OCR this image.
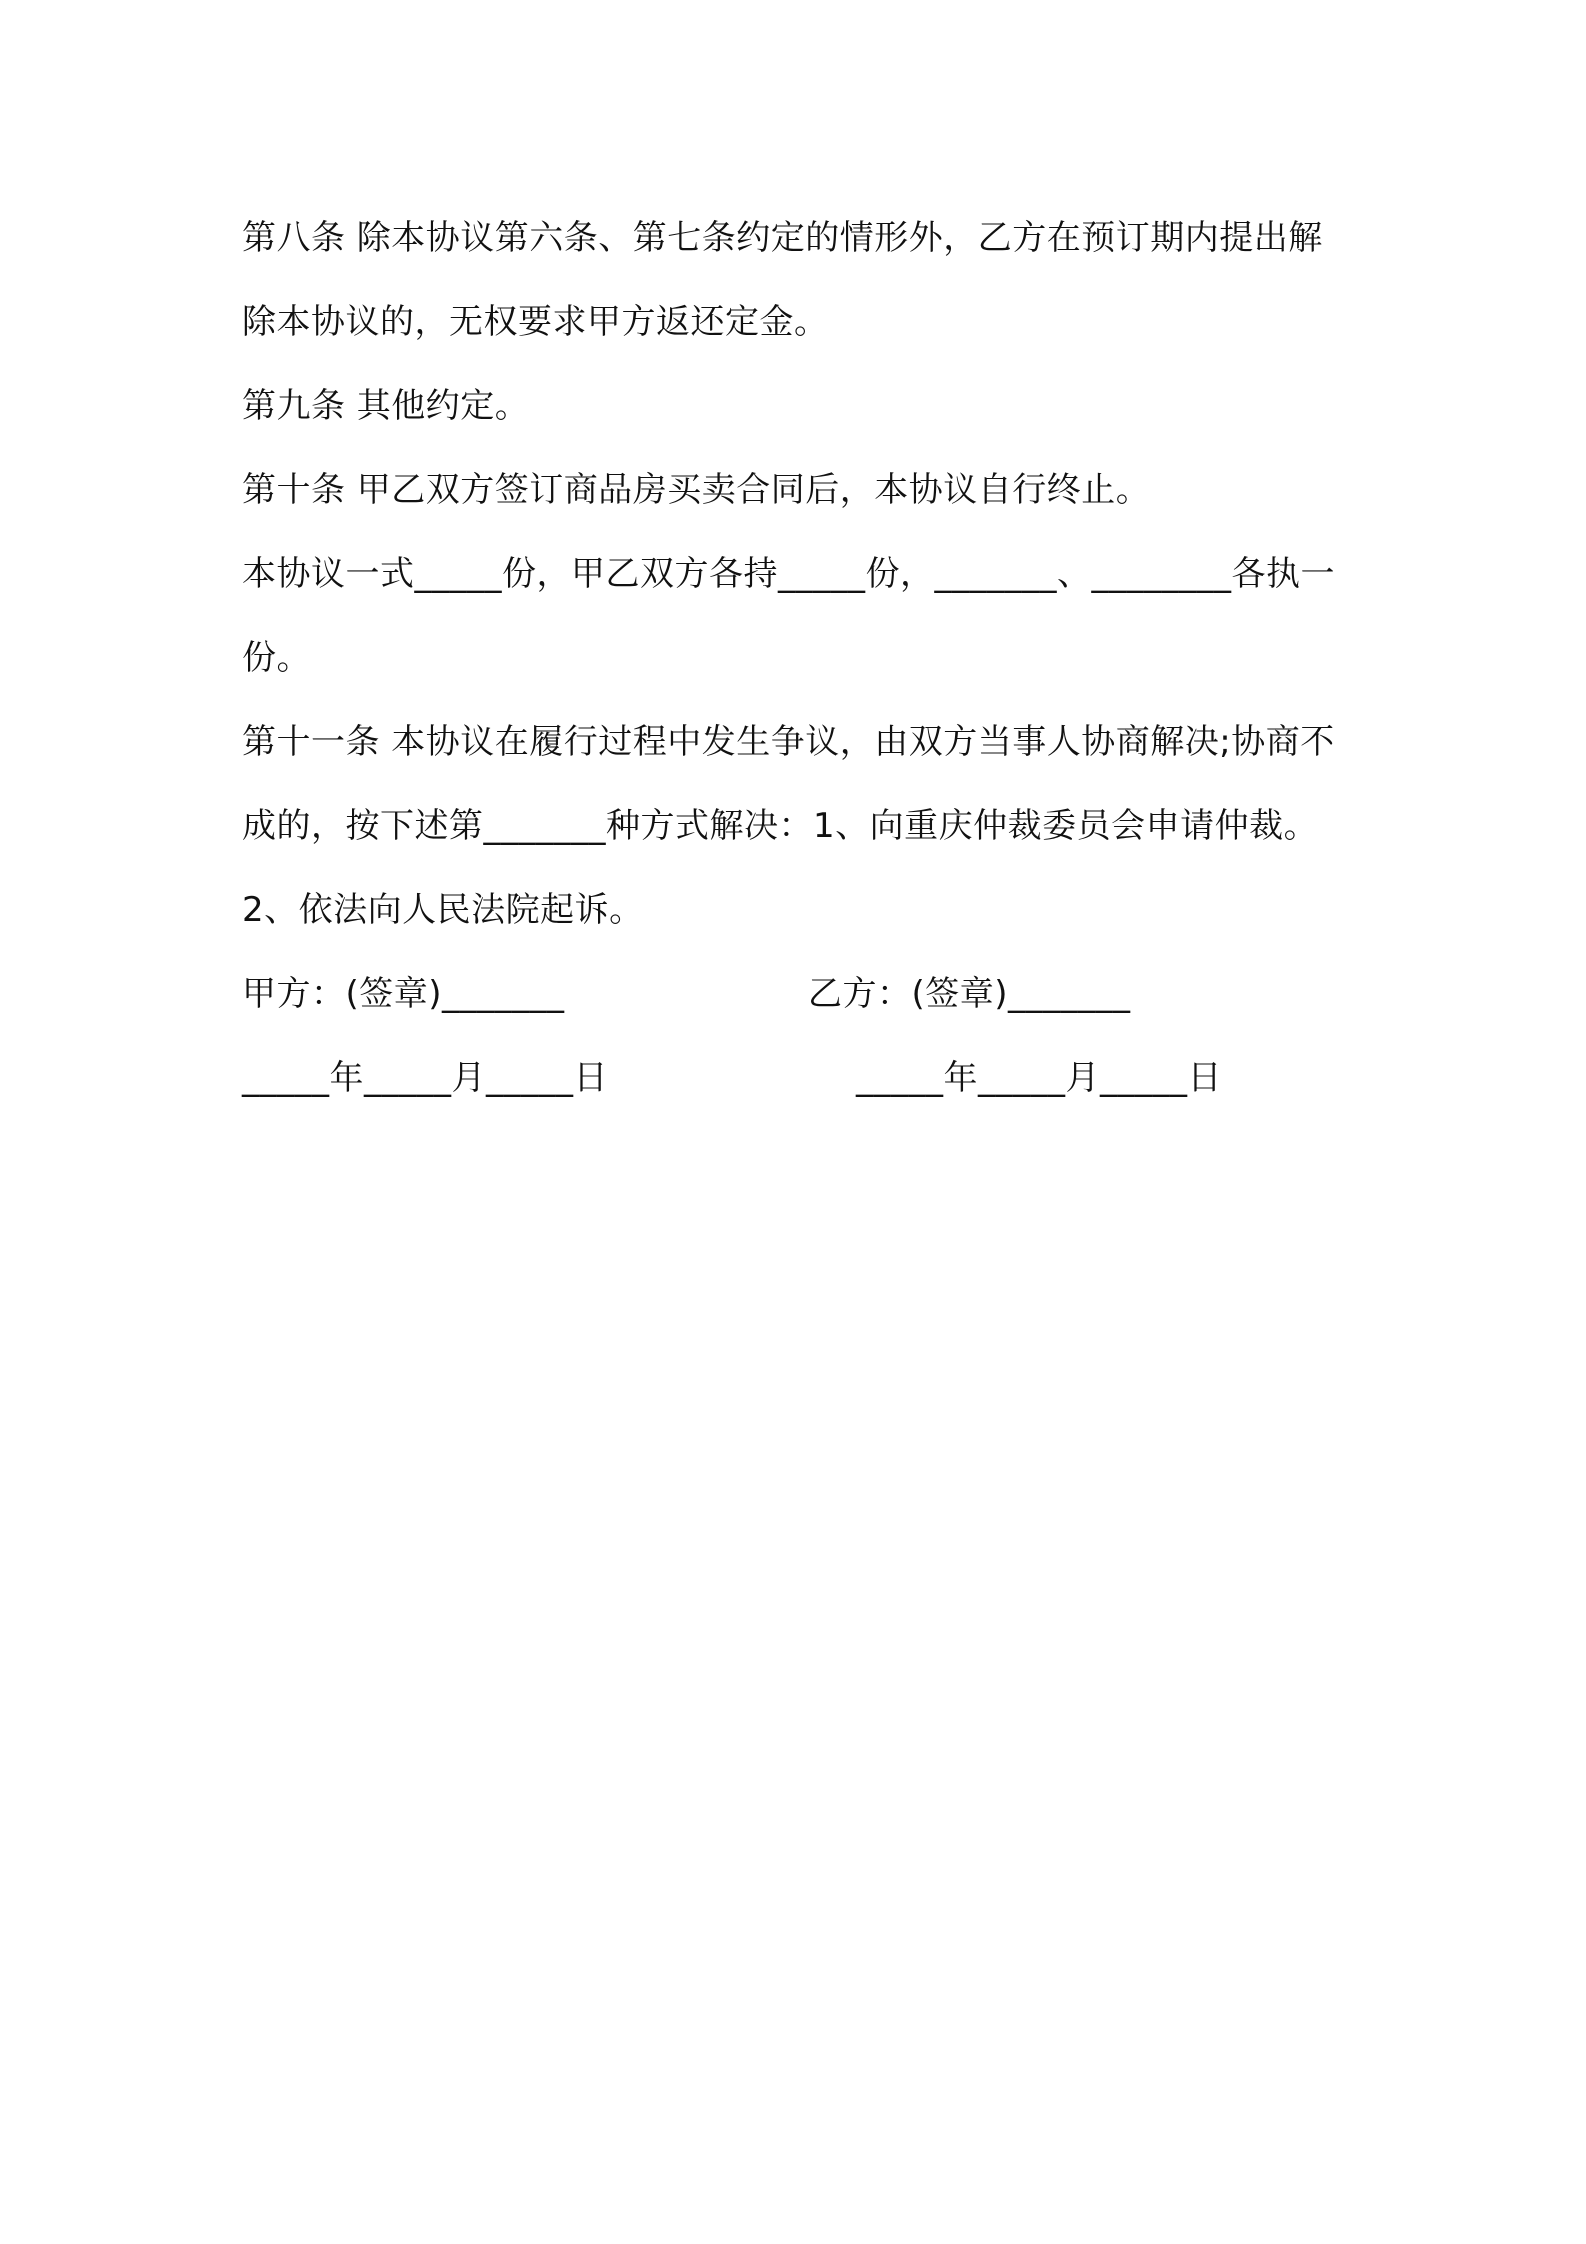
第八条 除本协议第六条、第七条约定的情形外，乙方在预订期内提出解除本协议的，无权要求甲方返还定金。

第九条 其他约定。

第十条 甲乙双方签订商品房买卖合同后，本协议自行终止。

本协议一式_____份，甲乙双方各持_____份，_______、________各执一份。

第十一条 本协议在履行过程中发生争议，由双方当事人协商解决;协商不成的，按下述第_______种方式解决：1、向重庆仲裁委员会申请仲裁。2、依法向人民法院起诉。

甲方：(签章)_______	乙方：(签章)_______
_____年_____月_____日	_____年_____月_____日
